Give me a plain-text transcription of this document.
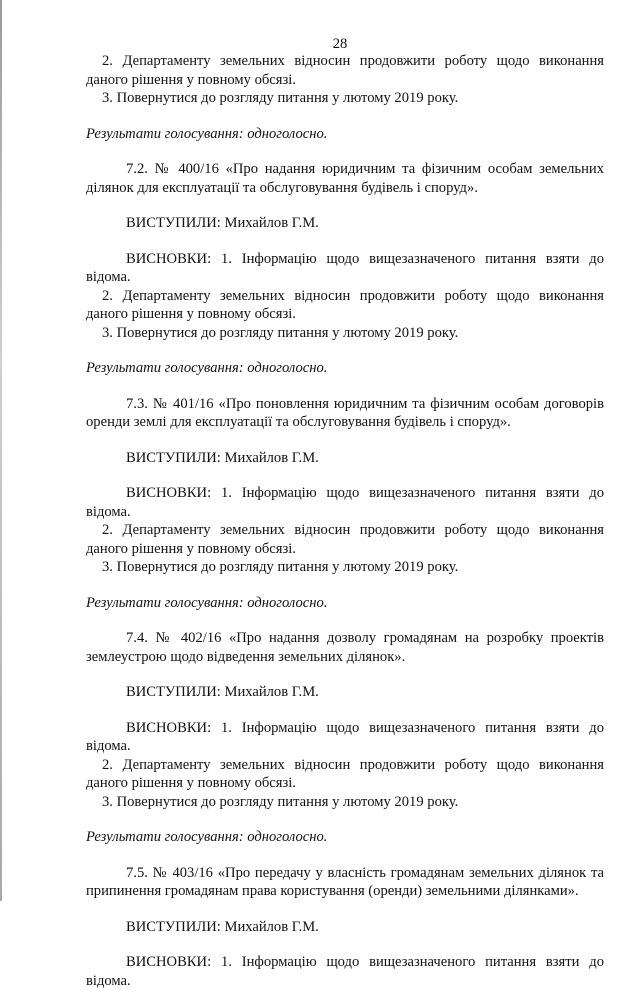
28

2. Департаменту земельних відносин продовжити роботу щодо виконання даного рішення у повному обсязі.

3. Повернутися до розгляду питання у лютому 2019 року.

Результати голосування: одноголосно.

7.2. № 400/16 «Про надання юридичним та фізичним особам земельних ділянок для експлуатації та обслуговування будівель і споруд».

ВИСТУПИЛИ: Михайлов Г.М.

ВИСНОВКИ: 1. Інформацію щодо вищезазначеного питання взяти до відома.

2. Департаменту земельних відносин продовжити роботу щодо виконання даного рішення у повному обсязі.

3. Повернутися до розгляду питання у лютому 2019 року.

Результати голосування: одноголосно.

7.3. № 401/16 «Про поновлення юридичним та фізичним особам договорів оренди землі для експлуатації та обслуговування будівель і споруд».

ВИСТУПИЛИ: Михайлов Г.М.

ВИСНОВКИ: 1. Інформацію щодо вищезазначеного питання взяти до відома.

2. Департаменту земельних відносин продовжити роботу щодо виконання даного рішення у повному обсязі.

3. Повернутися до розгляду питання у лютому 2019 року.

Результати голосування: одноголосно.

7.4. № 402/16 «Про надання дозволу громадянам на розробку проектів землеустрою щодо відведення земельних ділянок».

ВИСТУПИЛИ: Михайлов Г.М.

ВИСНОВКИ: 1. Інформацію щодо вищезазначеного питання взяти до відома.

2. Департаменту земельних відносин продовжити роботу щодо виконання даного рішення у повному обсязі.

3. Повернутися до розгляду питання у лютому 2019 року.

Результати голосування: одноголосно.

7.5. № 403/16 «Про передачу у власність громадянам земельних ділянок та припинення громадянам права користування (оренди) земельними ділянками».

ВИСТУПИЛИ: Михайлов Г.М.

ВИСНОВКИ: 1. Інформацію щодо вищезазначеного питання взяти до відома.
